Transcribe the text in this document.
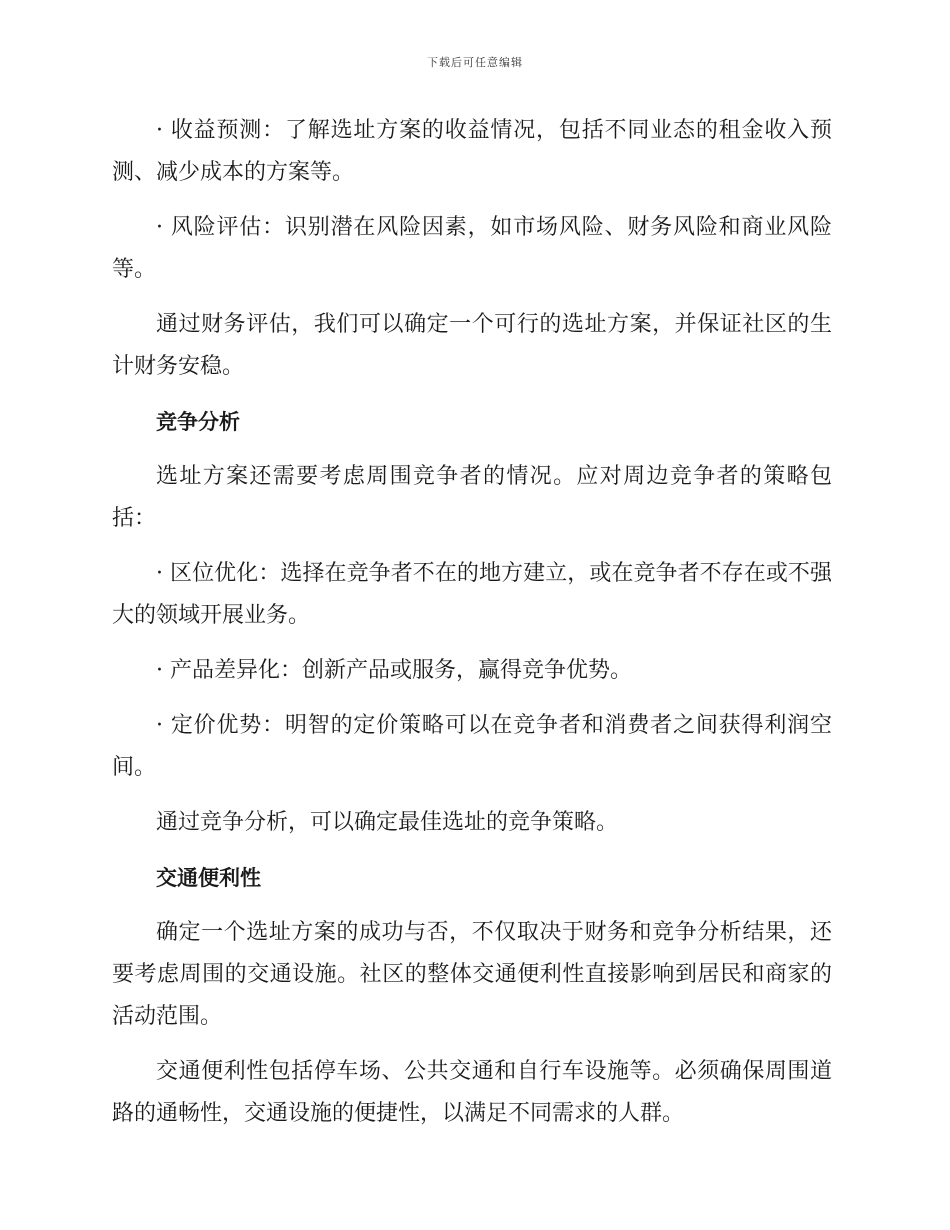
下载后可任意编辑

· 收益预测：了解选址方案的收益情况，包括不同业态的租金收入预测、减少成本的方案等。

· 风险评估：识别潜在风险因素，如市场风险、财务风险和商业风险等。

通过财务评估，我们可以确定一个可行的选址方案，并保证社区的生计财务安稳。

竞争分析

选址方案还需要考虑周围竞争者的情况。应对周边竞争者的策略包括：

· 区位优化：选择在竞争者不在的地方建立，或在竞争者不存在或不强大的领域开展业务。

· 产品差异化：创新产品或服务，赢得竞争优势。

· 定价优势：明智的定价策略可以在竞争者和消费者之间获得利润空间。

通过竞争分析，可以确定最佳选址的竞争策略。

交通便利性

确定一个选址方案的成功与否，不仅取决于财务和竞争分析结果，还要考虑周围的交通设施。社区的整体交通便利性直接影响到居民和商家的活动范围。

交通便利性包括停车场、公共交通和自行车设施等。必须确保周围道路的通畅性，交通设施的便捷性，以满足不同需求的人群。
